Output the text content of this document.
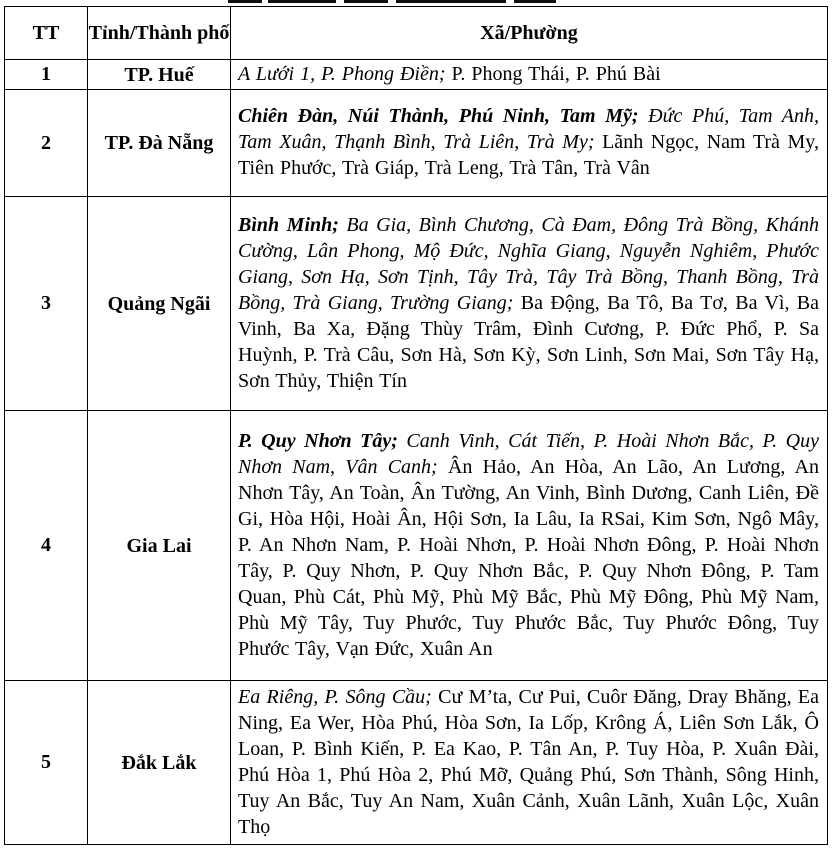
TT	Tỉnh/Thành phố	Xã/Phường
1	TP. Huế	A Lưới 1, P. Phong Điền; P. Phong Thái, P. Phú Bài
2	TP. Đà Nẵng	Chiên Đàn, Núi Thành, Phú Ninh, Tam Mỹ; Đức Phú, Tam Anh, Tam Xuân, Thạnh Bình, Trà Liên, Trà My; Lãnh Ngọc, Nam Trà My, Tiên Phước, Trà Giáp, Trà Leng, Trà Tân, Trà Vân
3	Quảng Ngãi	Bình Minh; Ba Gia, Bình Chương, Cà Đam, Đông Trà Bồng, Khánh Cường, Lân Phong, Mộ Đức, Nghĩa Giang, Nguyễn Nghiêm, Phước Giang, Sơn Hạ, Sơn Tịnh, Tây Trà, Tây Trà Bồng, Thanh Bồng, Trà Bồng, Trà Giang, Trường Giang; Ba Động, Ba Tô, Ba Tơ, Ba Vì, Ba Vinh, Ba Xa, Đặng Thùy Trâm, Đình Cương, P. Đức Phổ, P. Sa Huỳnh, P. Trà Câu, Sơn Hà, Sơn Kỳ, Sơn Linh, Sơn Mai, Sơn Tây Hạ, Sơn Thủy, Thiện Tín
4	Gia Lai	P. Quy Nhơn Tây; Canh Vinh, Cát Tiến, P. Hoài Nhơn Bắc, P. Quy Nhơn Nam, Vân Canh; Ân Hảo, An Hòa, An Lão, An Lương, An Nhơn Tây, An Toàn, Ân Tường, An Vinh, Bình Dương, Canh Liên, Đề Gi, Hòa Hội, Hoài Ân, Hội Sơn, Ia Lâu, Ia RSai, Kim Sơn, Ngô Mây, P. An Nhơn Nam, P. Hoài Nhơn, P. Hoài Nhơn Đông, P. Hoài Nhơn Tây, P. Quy Nhơn, P. Quy Nhơn Bắc, P. Quy Nhơn Đông, P. Tam Quan, Phù Cát, Phù Mỹ, Phù Mỹ Bắc, Phù Mỹ Đông, Phù Mỹ Nam, Phù Mỹ Tây, Tuy Phước, Tuy Phước Bắc, Tuy Phước Đông, Tuy Phước Tây, Vạn Đức, Xuân An
5	Đắk Lắk	Ea Riêng, P. Sông Cầu; Cư M’ta, Cư Pui, Cuôr Đăng, Dray Bhăng, Ea Ning, Ea Wer, Hòa Phú, Hòa Sơn, Ia Lốp, Krông Á, Liên Sơn Lắk, Ô Loan, P. Bình Kiến, P. Ea Kao, P. Tân An, P. Tuy Hòa, P. Xuân Đài, Phú Hòa 1, Phú Hòa 2, Phú Mỡ, Quảng Phú, Sơn Thành, Sông Hinh, Tuy An Bắc, Tuy An Nam, Xuân Cảnh, Xuân Lãnh, Xuân Lộc, Xuân Thọ
